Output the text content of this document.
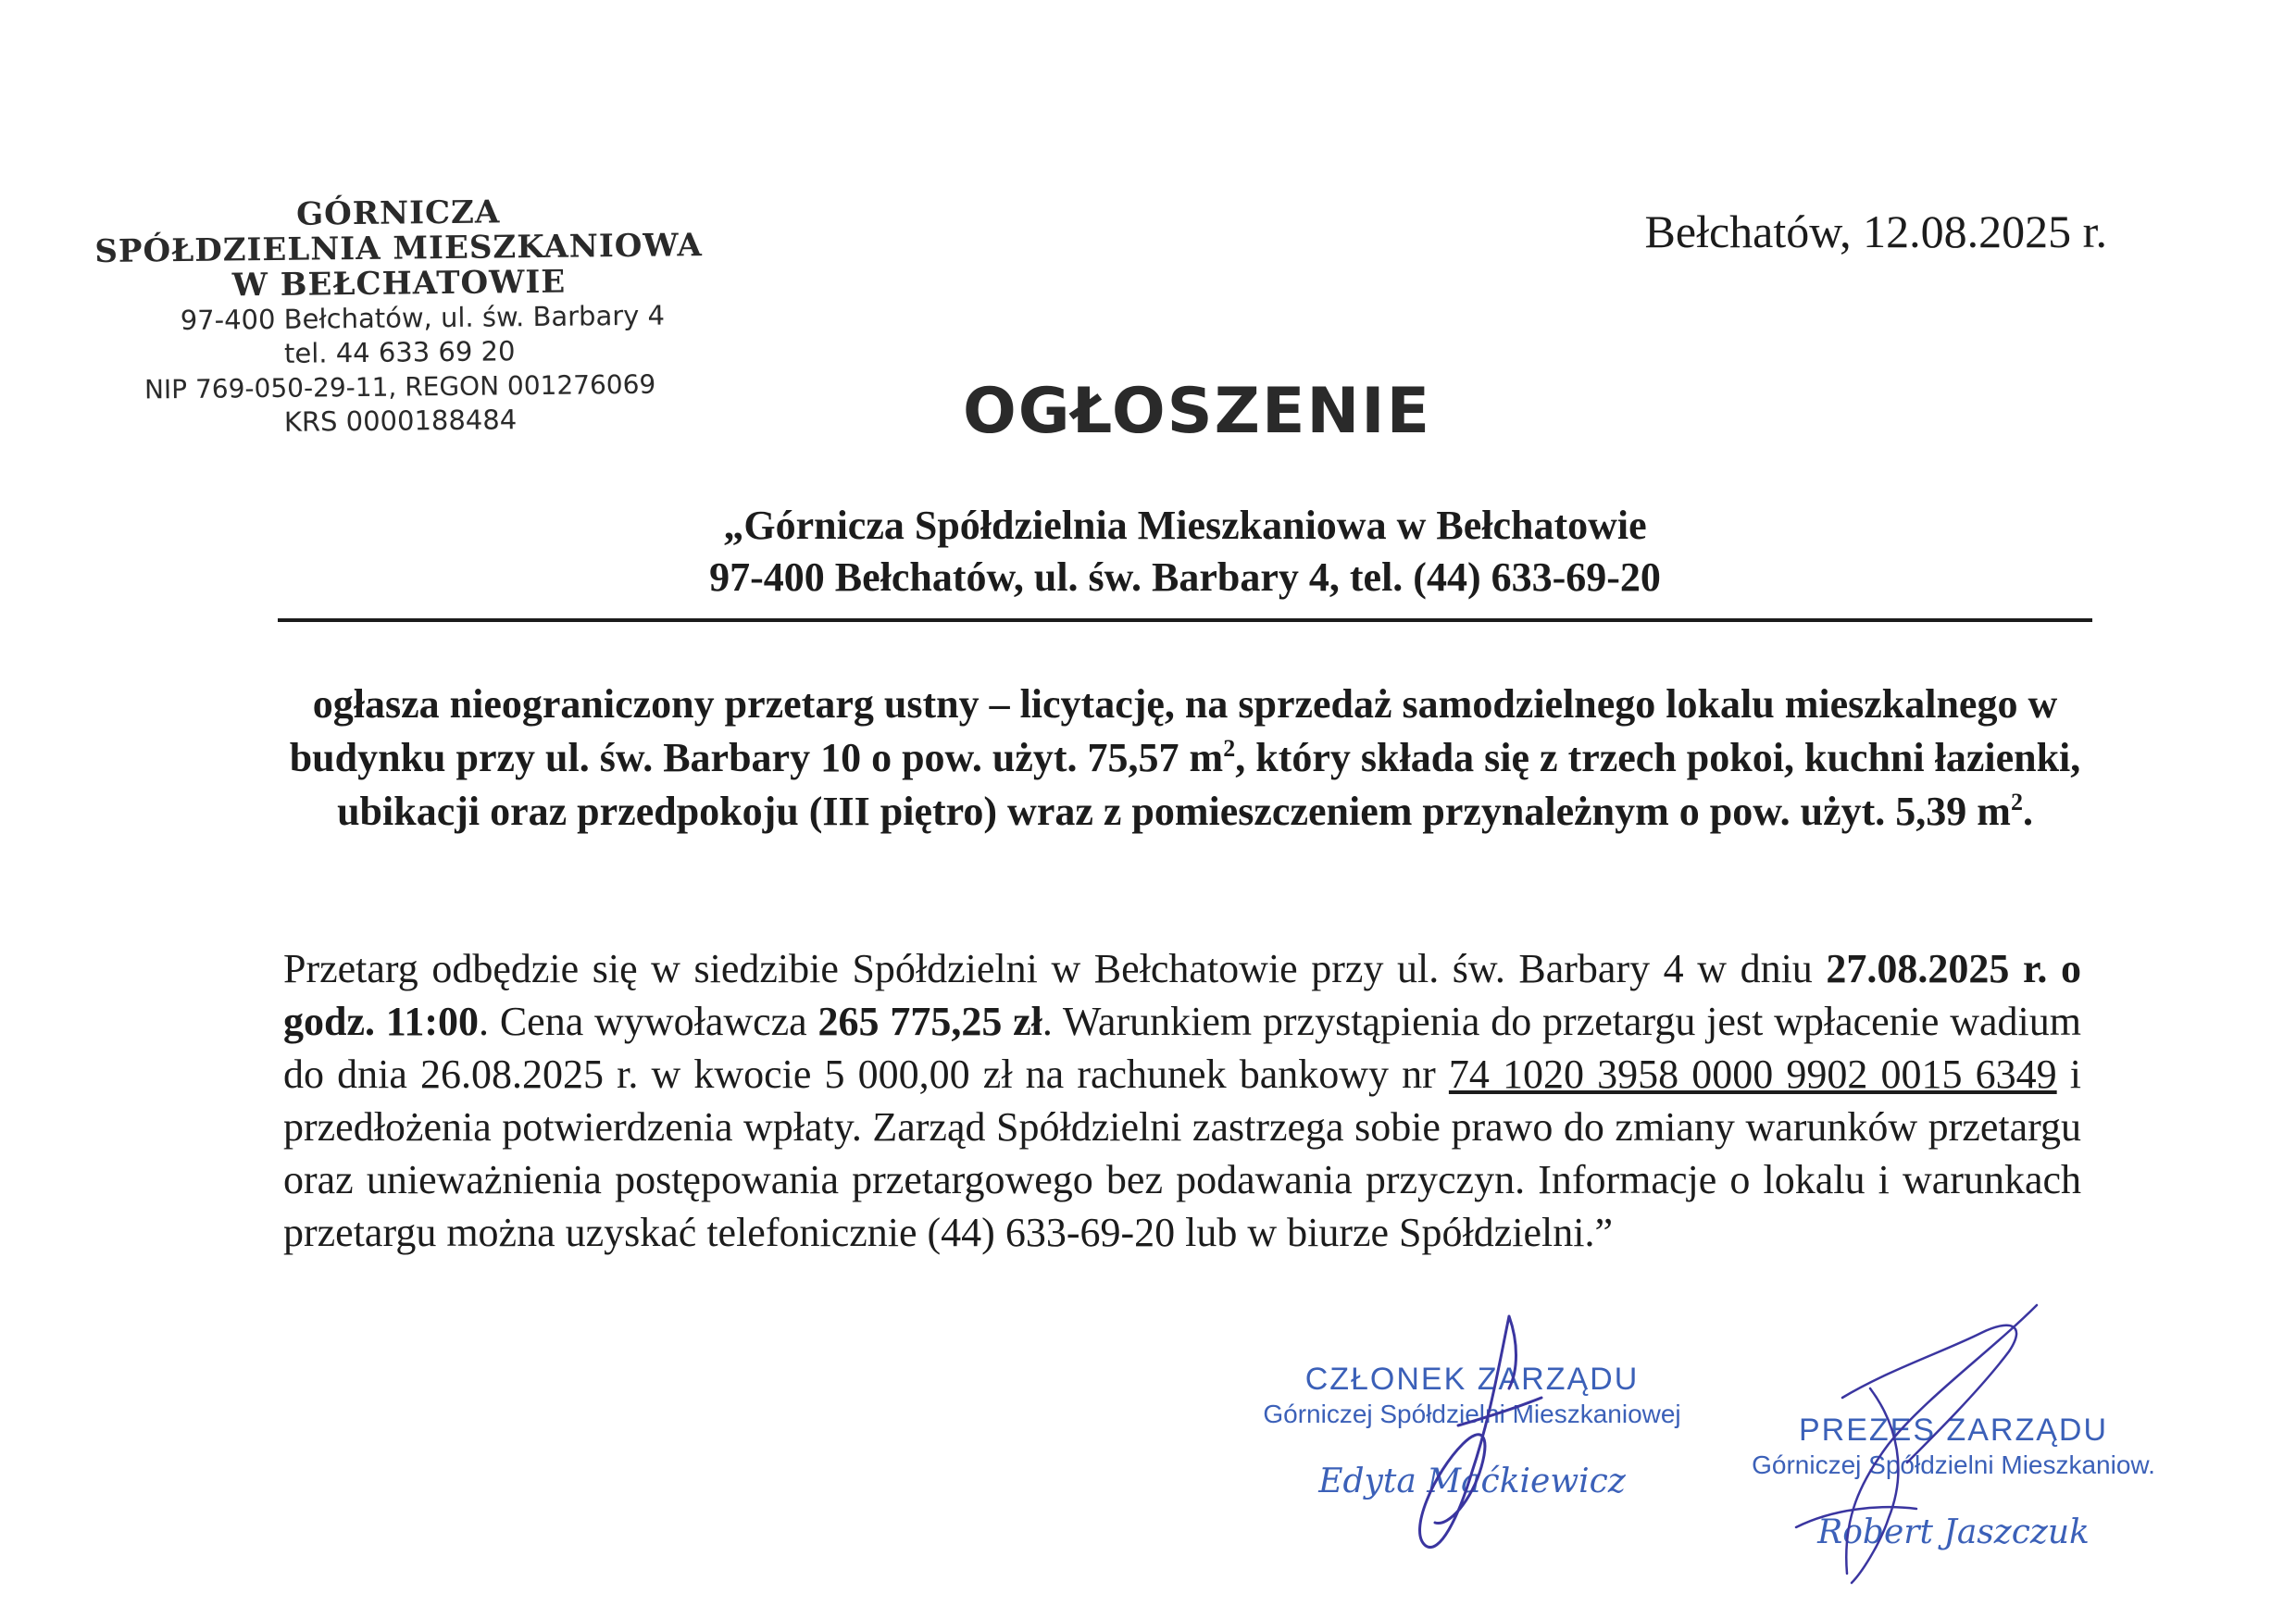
GÓRNICZA
SPÓŁDZIELNIA MIESZKANIOWA
W BEŁCHATOWIE
97-400 Bełchatów, ul. św. Barbary 4
tel. 44 633 69 20
NIP 769-050-29-11, REGON 001276069
KRS 0000188484
Bełchatów, 12.08.2025 r.
OGŁOSZENIE
„Górnicza Spółdzielnia Mieszkaniowa w Bełchatowie
97-400 Bełchatów, ul. św. Barbary 4, tel. (44) 633-69-20
ogłasza nieograniczony przetarg ustny – licytację, na sprzedaż samodzielnego lokalu mieszkalnego w budynku przy ul. św. Barbary 10 o pow. użyt. 75,57 $m^2$, który składa się z trzech pokoi, kuchni łazienki, ubikacji oraz przedpokoju (III piętro) wraz z pomieszczeniem przynależnym o pow. użyt. 5,39 $m^2$.
Przetarg odbędzie się w siedzibie Spółdzielni w Bełchatowie przy ul. św. Barbary 4 w dniu 27.08.2025 r. o godz. 11:00. Cena wywoławcza 265 775,25 zł. Warunkiem przystąpienia do przetargu jest wpłacenie wadium do dnia 26.08.2025 r. w kwocie 5 000,00 zł na rachunek bankowy nr 74 1020 3958 0000 9902 0015 6349 i przedłożenia potwierdzenia wpłaty. Zarząd Spółdzielni zastrzega sobie prawo do zmiany warunków przetargu oraz unieważnienia postępowania przetargowego bez podawania przyczyn. Informacje o lokalu i warunkach przetargu można uzyskać telefonicznie (44) 633-69-20 lub w biurze Spółdzielni.”
CZŁONEK ZARZĄDU
Górniczej Spółdzielni Mieszkaniowej
Edyta Maćkiewicz
PREZES ZARZĄDU
Górniczej Spółdzielni Mieszkaniow.
Robert Jaszczuk
